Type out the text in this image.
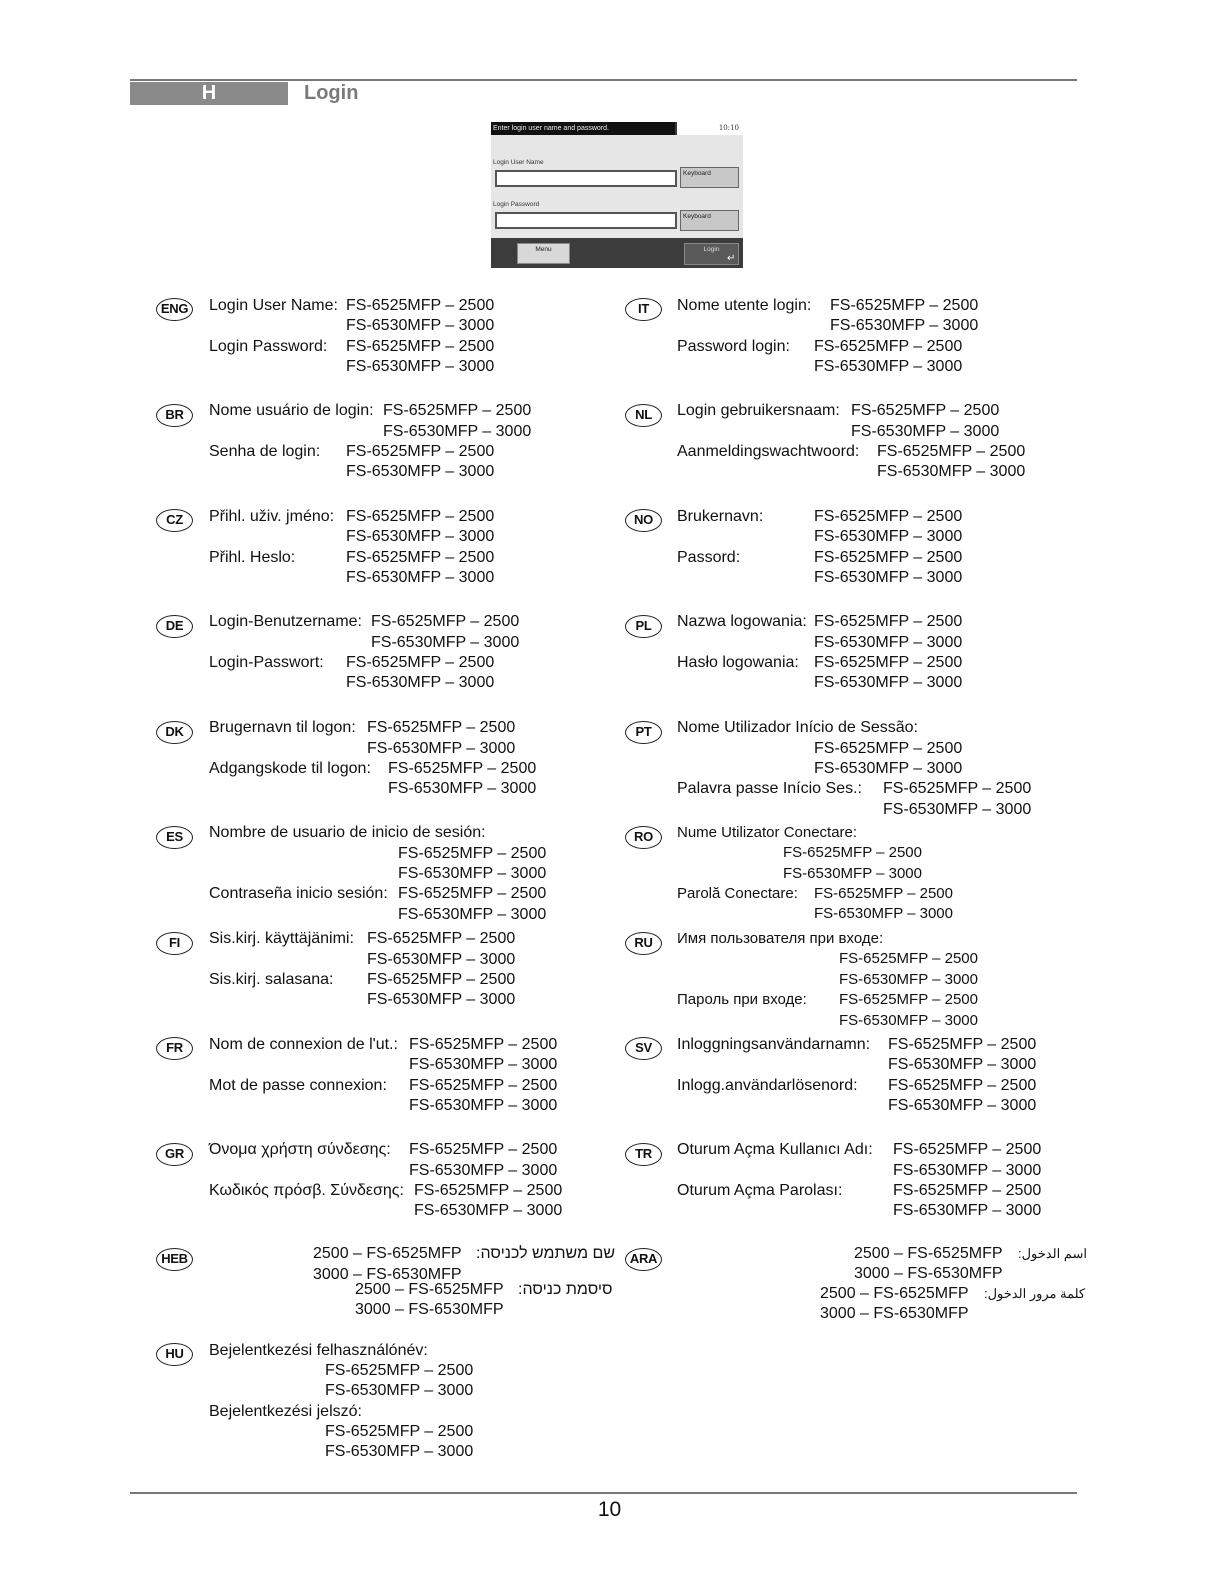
H	Login
Enter login user name and password.	10:10
Login User Name
Keyboard
Login Password
Keyboard
Menu	Login
↵
ENG	Login User Name: FS-6525MFP – 2500
FS-6530MFP – 3000
Login Password: FS-6525MFP – 2500
FS-6530MFP – 3000
BR	Nome usuário de login: FS-6525MFP – 2500
FS-6530MFP – 3000
Senha de login: FS-6525MFP – 2500
FS-6530MFP – 3000
CZ	Přihl. uživ. jméno: FS-6525MFP – 2500
FS-6530MFP – 3000
Přihl. Heslo:	FS-6525MFP – 2500
FS-6530MFP – 3000
DE	Login-Benutzername: FS-6525MFP – 2500
FS-6530MFP – 3000
Login-Passwort: FS-6525MFP – 2500
FS-6530MFP – 3000
DK	Brugernavn til logon: FS-6525MFP – 2500
FS-6530MFP – 3000
Adgangskode til logon: FS-6525MFP – 2500
FS-6530MFP – 3000
ES	Nombre de usuario de inicio de sesión:
FS-6525MFP – 2500
FS-6530MFP – 3000
Contraseña inicio sesión: FS-6525MFP – 2500
FS-6530MFP – 3000
FI	Sis.kirj. käyttäjänimi: FS-6525MFP – 2500
FS-6530MFP – 3000
Sis.kirj. salasana: FS-6525MFP – 2500
FS-6530MFP – 3000
FR	Nom de connexion de l'ut.: FS-6525MFP – 2500
FS-6530MFP – 3000
Mot de passe connexion: FS-6525MFP – 2500
FS-6530MFP – 3000
GR	Όνομα χρήστη σύνδεσης: FS-6525MFP – 2500
FS-6530MFP – 3000
Κωδικός πρόσβ. Σύνδεσης: FS-6525MFP – 2500
FS-6530MFP – 3000
HEB	2500 – FS-6525MFP שם משתמש לכניסה:
3000 – FS-6530MFP
2500 – FS-6525MFP סיסמת כניסה:
3000 – FS-6530MFP
HU	Bejelentkezési felhasználónév:
FS-6525MFP – 2500
FS-6530MFP – 3000
Bejelentkezési jelszó:
FS-6525MFP – 2500
FS-6530MFP – 3000
IT	Nome utente login: FS-6525MFP – 2500
FS-6530MFP – 3000
Password login: FS-6525MFP – 2500
FS-6530MFP – 3000
NL	Login gebruikersnaam: FS-6525MFP – 2500
FS-6530MFP – 3000
Aanmeldingswachtwoord: FS-6525MFP – 2500
FS-6530MFP – 3000
NO	Brukernavn:	FS-6525MFP – 2500
FS-6530MFP – 3000
Passord:	FS-6525MFP – 2500
FS-6530MFP – 3000
PL	Nazwa logowania: FS-6525MFP – 2500
FS-6530MFP – 3000
Hasło logowania: FS-6525MFP – 2500
FS-6530MFP – 3000
PT	Nome Utilizador Início de Sessão:
FS-6525MFP – 2500
FS-6530MFP – 3000
Palavra passe Início Ses.: FS-6525MFP – 2500
FS-6530MFP – 3000
RO	Nume Utilizator Conectare:
FS-6525MFP – 2500
FS-6530MFP – 3000
Parolă Conectare: FS-6525MFP – 2500
FS-6530MFP – 3000
RU	Имя пользователя при входе:
FS-6525MFP – 2500
FS-6530MFP – 3000
Пароль при входе: FS-6525MFP – 2500
FS-6530MFP – 3000
SV	Inloggningsanvändarnamn: FS-6525MFP – 2500
FS-6530MFP – 3000
Inlogg.användarlösenord: FS-6525MFP – 2500
FS-6530MFP – 3000
TR	Oturum Açma Kullanıcı Adı: FS-6525MFP – 2500
FS-6530MFP – 3000
Oturum Açma Parolası:	FS-6525MFP – 2500
FS-6530MFP – 3000
ARA	2500 – FS-6525MFP اسم الدخول:
3000 – FS-6530MFP
2500 – FS-6525MFP كلمة مرور الدخول:
3000 – FS-6530MFP
10
